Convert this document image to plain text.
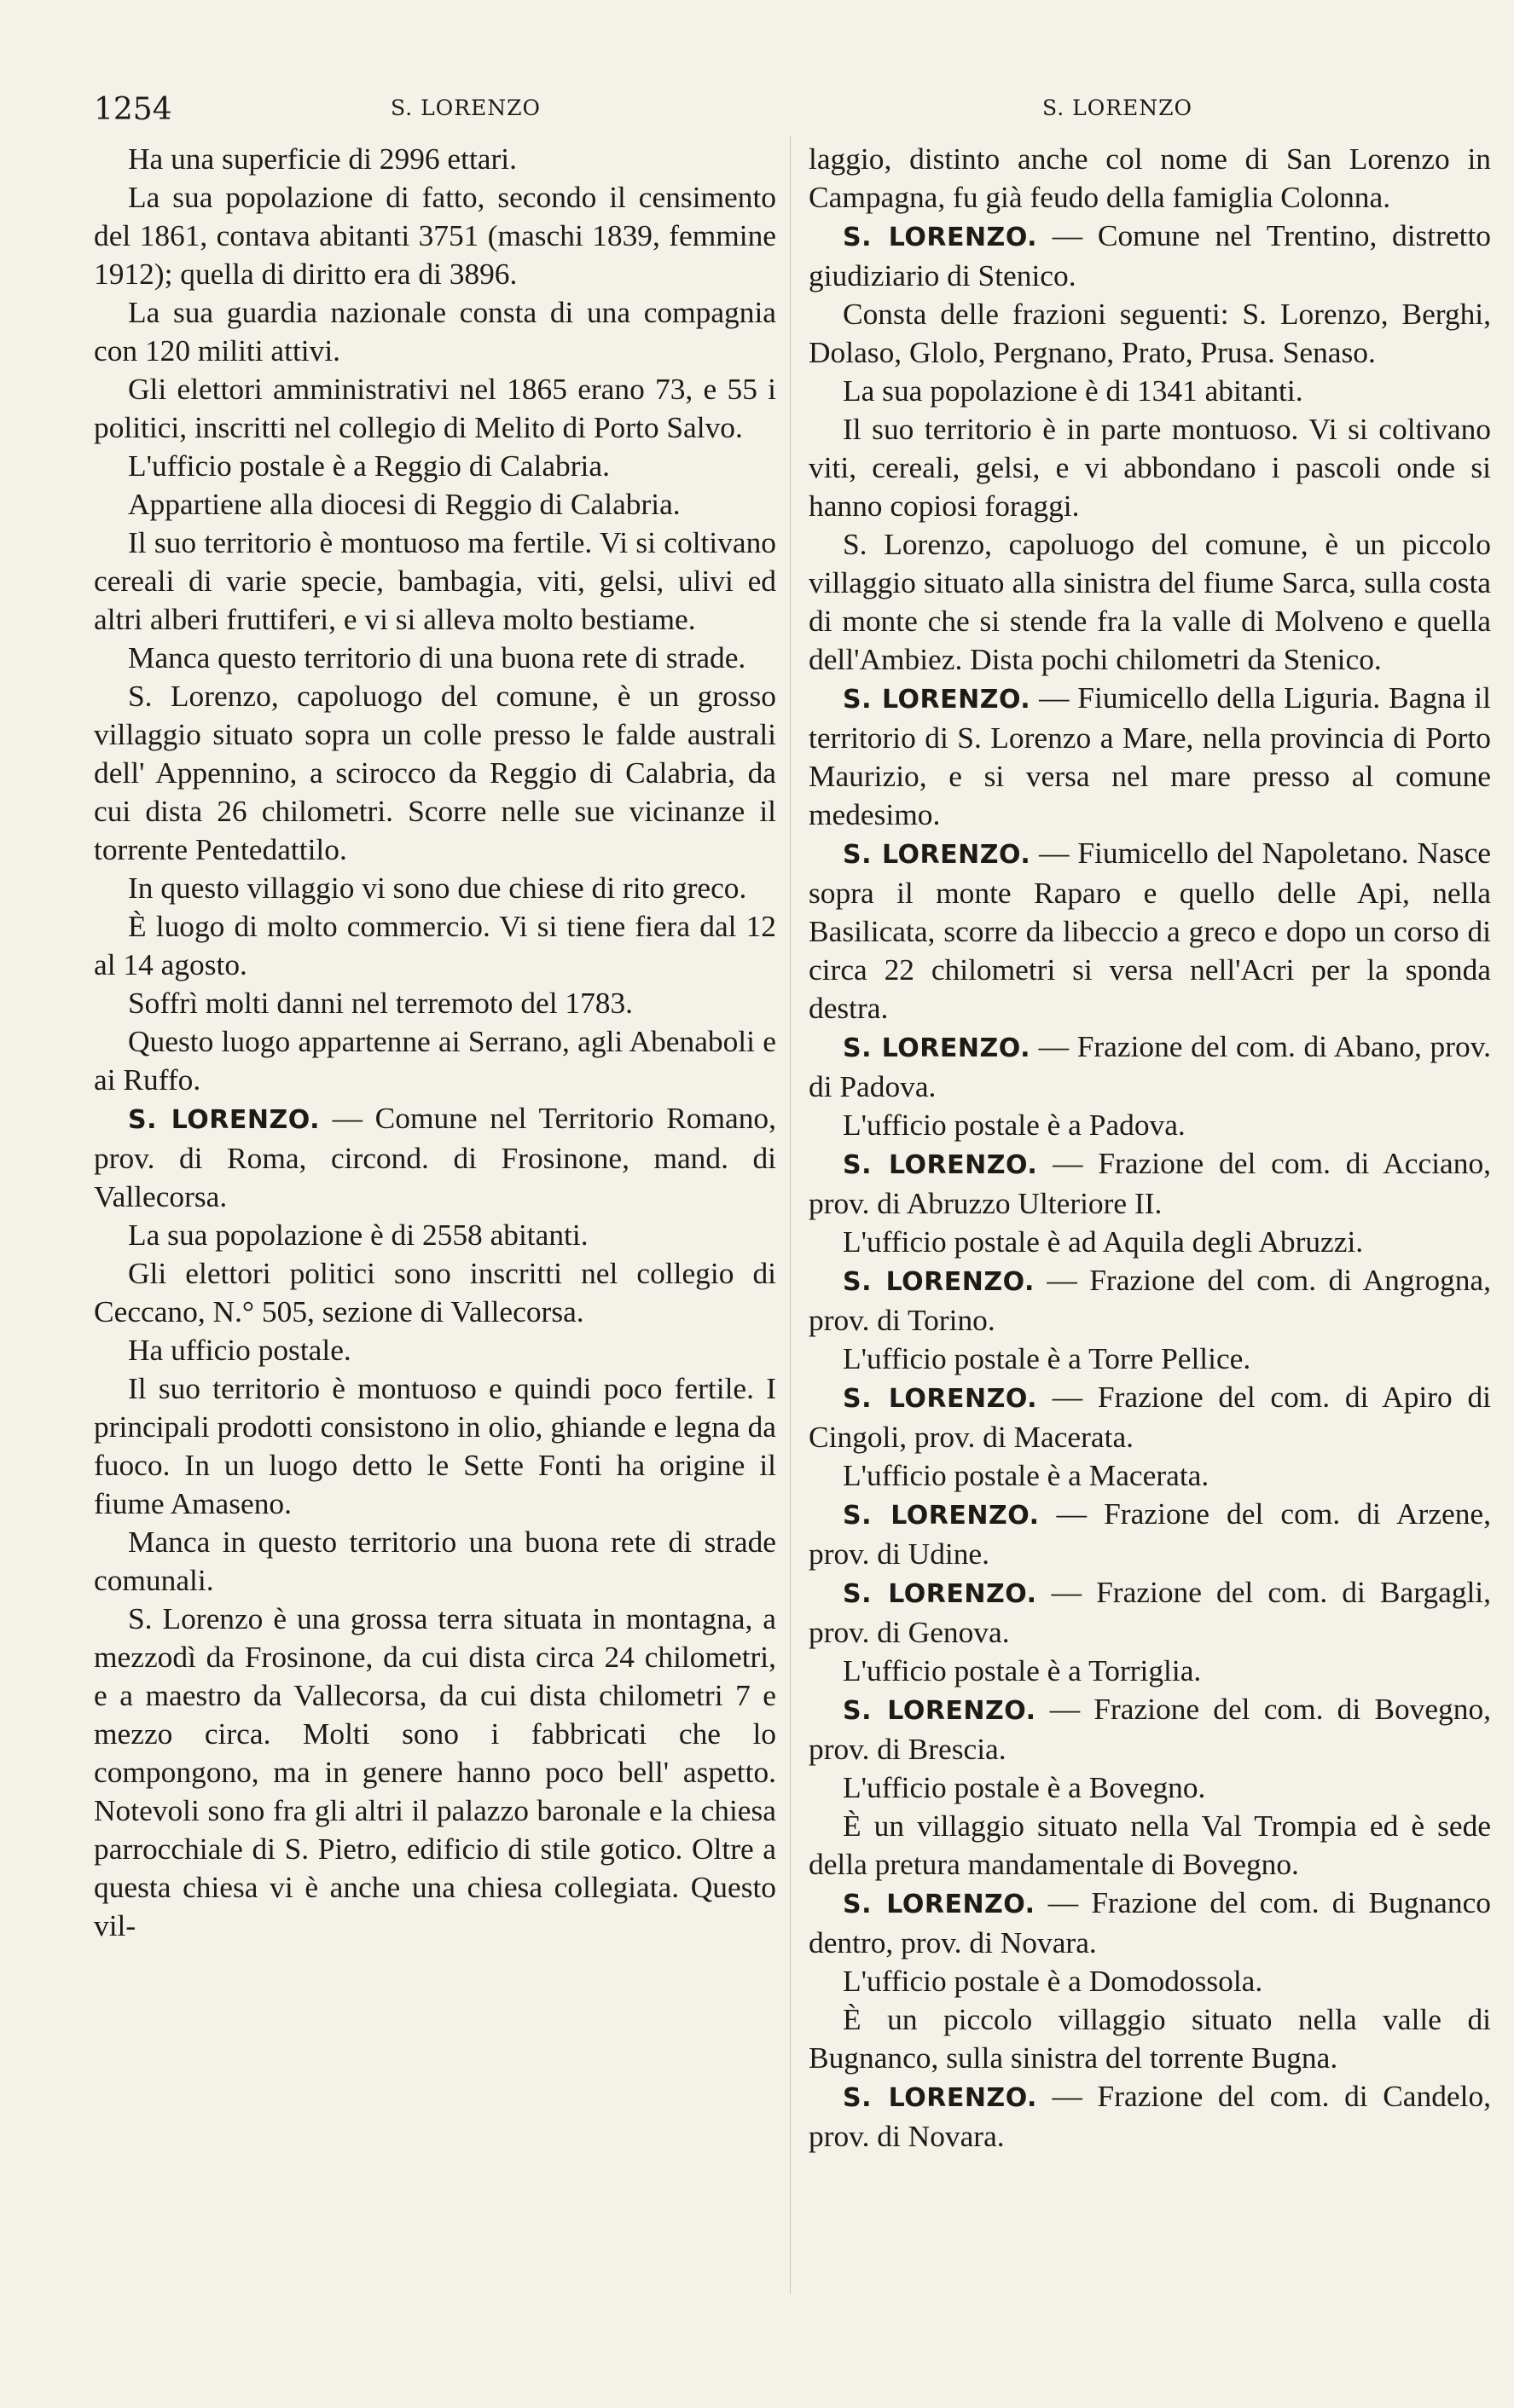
1254	S. LORENZO	S. LORENZO

Ha una superficie di 2996 ettari.

La sua popolazione di fatto, secondo il censimento del 1861, contava abitanti 3751 (maschi 1839, femmine 1912); quella di diritto era di 3896.

La sua guardia nazionale consta di una compagnia con 120 militi attivi.

Gli elettori amministrativi nel 1865 erano 73, e 55 i politici, inscritti nel collegio di Melito di Porto Salvo.

L'ufficio postale è a Reggio di Calabria.

Appartiene alla diocesi di Reggio di Calabria.

Il suo territorio è montuoso ma fertile. Vi si coltivano cereali di varie specie, bambagia, viti, gelsi, ulivi ed altri alberi fruttiferi, e vi si alleva molto bestiame.

Manca questo territorio di una buona rete di strade.

S. Lorenzo, capoluogo del comune, è un grosso villaggio situato sopra un colle presso le falde australi dell' Appennino, a scirocco da Reggio di Calabria, da cui dista 26 chilometri. Scorre nelle sue vicinanze il torrente Pentedattilo.

In questo villaggio vi sono due chiese di rito greco.

È luogo di molto commercio. Vi si tiene fiera dal 12 al 14 agosto.

Soffrì molti danni nel terremoto del 1783.

Questo luogo appartenne ai Serrano, agli Abenaboli e ai Ruffo.

S. LORENZO. — Comune nel Territorio Romano, prov. di Roma, circond. di Frosinone, mand. di Vallecorsa.

La sua popolazione è di 2558 abitanti.

Gli elettori politici sono inscritti nel collegio di Ceccano, N.° 505, sezione di Vallecorsa.

Ha ufficio postale.

Il suo territorio è montuoso e quindi poco fertile. I principali prodotti consistono in olio, ghiande e legna da fuoco. In un luogo detto le Sette Fonti ha origine il fiume Amaseno.

Manca in questo territorio una buona rete di strade comunali.

S. Lorenzo è una grossa terra situata in montagna, a mezzodì da Frosinone, da cui dista circa 24 chilometri, e a maestro da Vallecorsa, da cui dista chilometri 7 e mezzo circa. Molti sono i fabbricati che lo compongono, ma in genere hanno poco bell' aspetto. Notevoli sono fra gli altri il palazzo baronale e la chiesa parrocchiale di S. Pietro, edificio di stile gotico. Oltre a questa chiesa vi è anche una chiesa collegiata. Questo vil-

laggio, distinto anche col nome di San Lorenzo in Campagna, fu già feudo della famiglia Colonna.

S. LORENZO. — Comune nel Trentino, distretto giudiziario di Stenico.

Consta delle frazioni seguenti: S. Lorenzo, Berghi, Dolaso, Glolo, Pergnano, Prato, Prusa. Senaso.

La sua popolazione è di 1341 abitanti.

Il suo territorio è in parte montuoso. Vi si coltivano viti, cereali, gelsi, e vi abbondano i pascoli onde si hanno copiosi foraggi.

S. Lorenzo, capoluogo del comune, è un piccolo villaggio situato alla sinistra del fiume Sarca, sulla costa di monte che si stende fra la valle di Molveno e quella dell'Ambiez. Dista pochi chilometri da Stenico.

S. LORENZO. — Fiumicello della Liguria. Bagna il territorio di S. Lorenzo a Mare, nella provincia di Porto Maurizio, e si versa nel mare presso al comune medesimo.

S. LORENZO. — Fiumicello del Napoletano. Nasce sopra il monte Raparo e quello delle Api, nella Basilicata, scorre da libeccio a greco e dopo un corso di circa 22 chilometri si versa nell'Acri per la sponda destra.

S. LORENZO. — Frazione del com. di Abano, prov. di Padova.

L'ufficio postale è a Padova.

S. LORENZO. — Frazione del com. di Acciano, prov. di Abruzzo Ulteriore II.

L'ufficio postale è ad Aquila degli Abruzzi.

S. LORENZO. — Frazione del com. di Angrogna, prov. di Torino.

L'ufficio postale è a Torre Pellice.

S. LORENZO. — Frazione del com. di Apiro di Cingoli, prov. di Macerata.

L'ufficio postale è a Macerata.

S. LORENZO. — Frazione del com. di Arzene, prov. di Udine.

S. LORENZO. — Frazione del com. di Bargagli, prov. di Genova.

L'ufficio postale è a Torriglia.

S. LORENZO. — Frazione del com. di Bovegno, prov. di Brescia.

L'ufficio postale è a Bovegno.

È un villaggio situato nella Val Trompia ed è sede della pretura mandamentale di Bovegno.

S. LORENZO. — Frazione del com. di Bugnanco dentro, prov. di Novara.

L'ufficio postale è a Domodossola.

È un piccolo villaggio situato nella valle di Bugnanco, sulla sinistra del torrente Bugna.

S. LORENZO. — Frazione del com. di Candelo, prov. di Novara.
